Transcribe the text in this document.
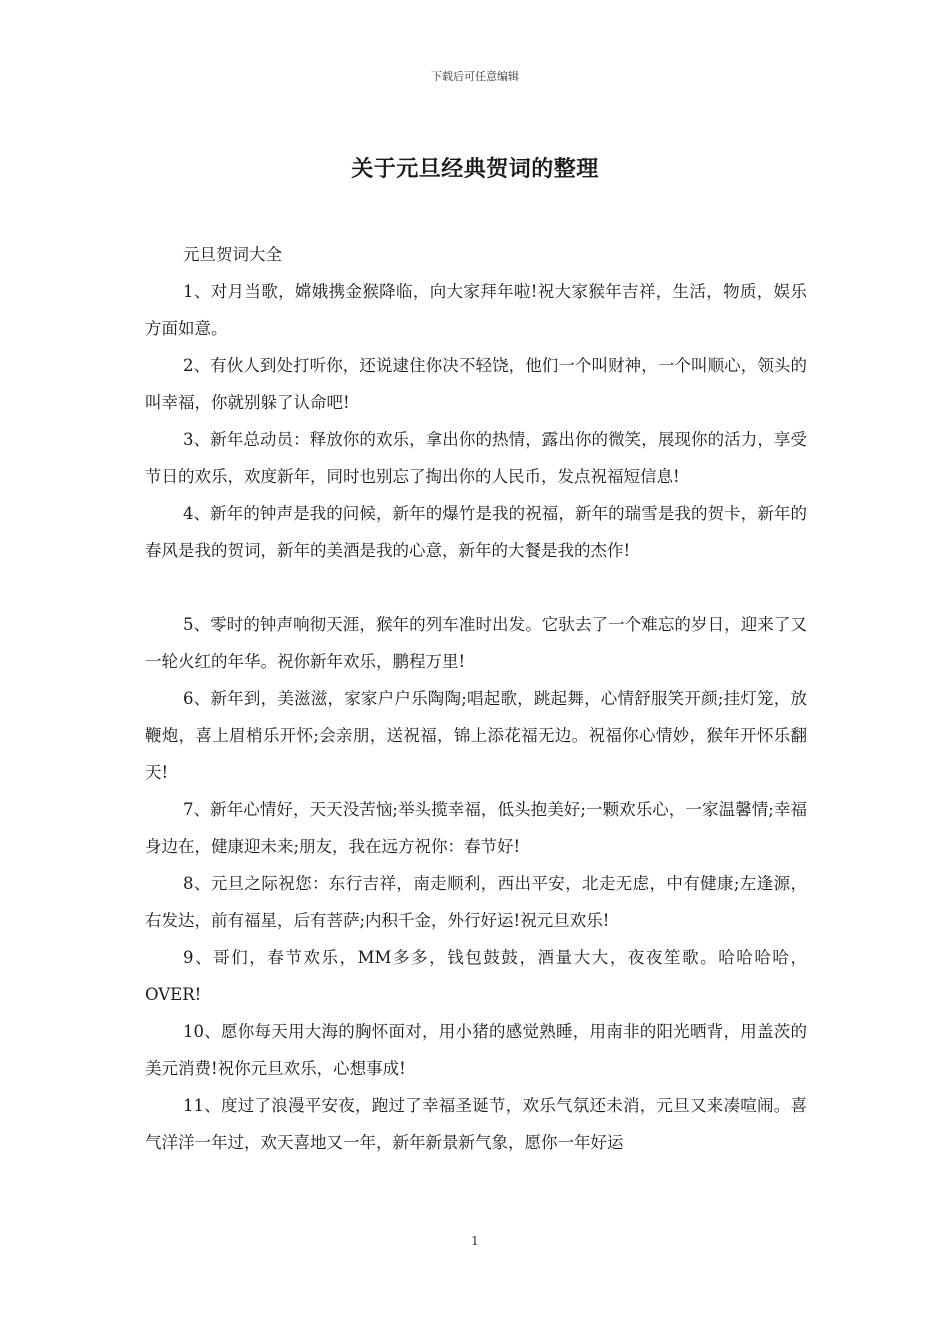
下载后可任意编辑
关于元旦经典贺词的整理

元旦贺词大全

1、对月当歌，嫦娥携金猴降临，向大家拜年啦!祝大家猴年吉祥，生活，物质，娱乐方面如意。

2、有伙人到处打听你，还说逮住你决不轻饶，他们一个叫财神，一个叫顺心，领头的叫幸福，你就别躲了认命吧!

3、新年总动员：释放你的欢乐，拿出你的热情，露出你的微笑，展现你的活力，享受节日的欢乐，欢度新年，同时也别忘了掏出你的人民币，发点祝福短信息!

4、新年的钟声是我的问候，新年的爆竹是我的祝福，新年的瑞雪是我的贺卡，新年的春风是我的贺词，新年的美酒是我的心意，新年的大餐是我的杰作!

5、零时的钟声响彻天涯，猴年的列车准时出发。它驮去了一个难忘的岁日，迎来了又一轮火红的年华。祝你新年欢乐，鹏程万里!

6、新年到，美滋滋，家家户户乐陶陶;唱起歌，跳起舞，心情舒服笑开颜;挂灯笼，放鞭炮，喜上眉梢乐开怀;会亲朋，送祝福，锦上添花福无边。祝福你心情妙，猴年开怀乐翻天!

7、新年心情好，天天没苦恼;举头揽幸福，低头抱美好;一颗欢乐心，一家温馨情;幸福身边在，健康迎未来;朋友，我在远方祝你：春节好!

8、元旦之际祝您：东行吉祥，南走顺利，西出平安，北走无虑，中有健康;左逢源，右发达，前有福星，后有菩萨;内积千金，外行好运!祝元旦欢乐!

9、哥们，春节欢乐，MM多多，钱包鼓鼓，酒量大大，夜夜笙歌。哈哈哈哈，OVER!

10、愿你每天用大海的胸怀面对，用小猪的感觉熟睡，用南非的阳光晒背，用盖茨的美元消费!祝你元旦欢乐，心想事成!

11、度过了浪漫平安夜，跑过了幸福圣诞节，欢乐气氛还未消，元旦又来凑喧闹。喜气洋洋一年过，欢天喜地又一年，新年新景新气象，愿你一年好运

1
